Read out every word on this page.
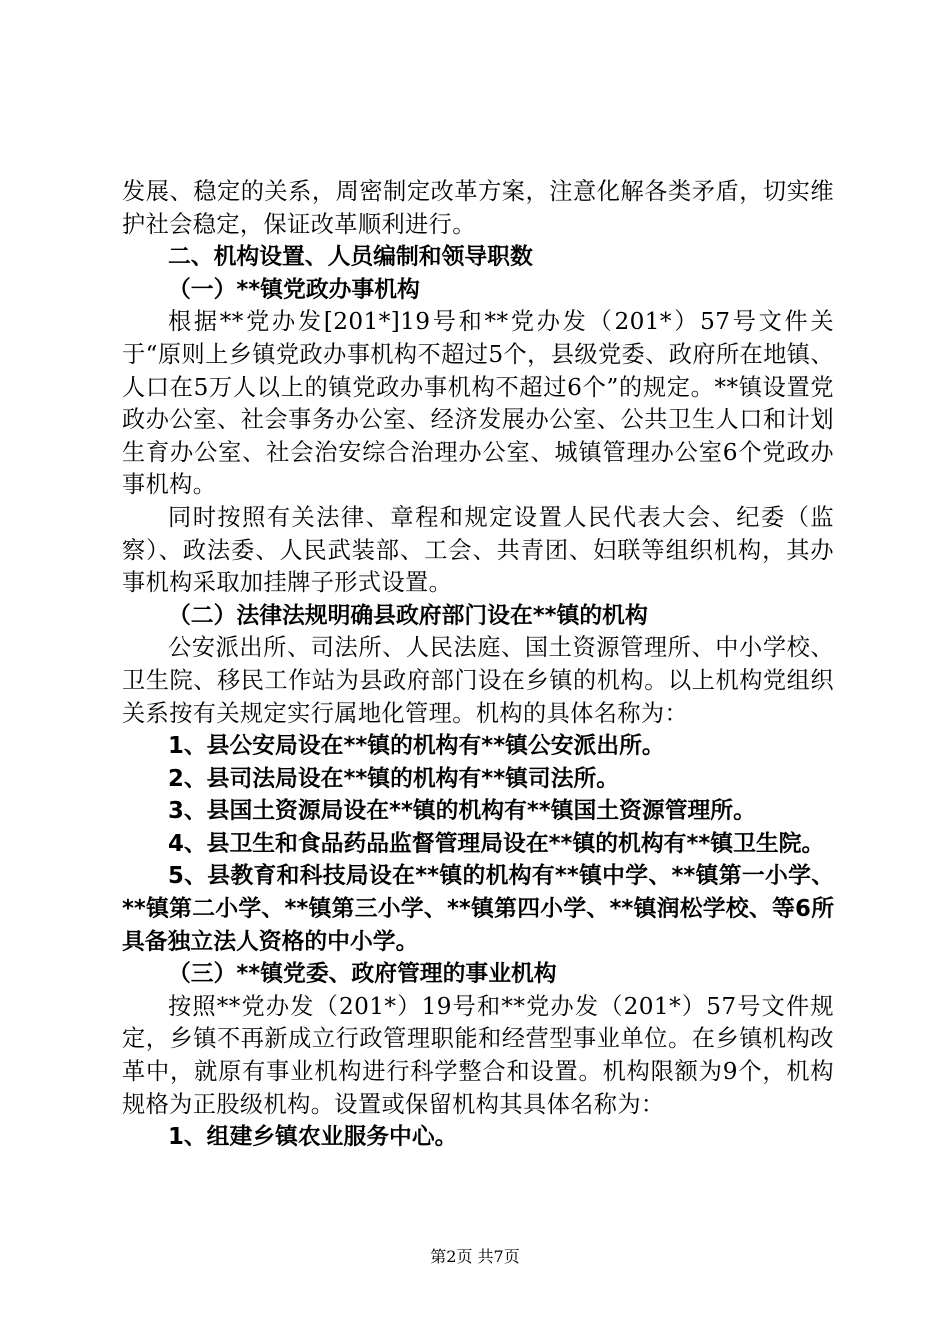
发展、稳定的关系，周密制定改革方案，注意化解各类矛盾，切实维护社会稳定，保证改革顺利进行。

二、机构设置、人员编制和领导职数

（一）**镇党政办事机构

根据**党办发[201*]19号和**党办发（201*）57号文件关于“原则上乡镇党政办事机构不超过5个，县级党委、政府所在地镇、人口在5万人以上的镇党政办事机构不超过6个”的规定。**镇设置党政办公室、社会事务办公室、经济发展办公室、公共卫生人口和计划生育办公室、社会治安综合治理办公室、城镇管理办公室6个党政办事机构。

同时按照有关法律、章程和规定设置人民代表大会、纪委（监察）、政法委、人民武装部、工会、共青团、妇联等组织机构，其办事机构采取加挂牌子形式设置。

（二）法律法规明确县政府部门设在**镇的机构

公安派出所、司法所、人民法庭、国土资源管理所、中小学校、卫生院、移民工作站为县政府部门设在乡镇的机构。以上机构党组织关系按有关规定实行属地化管理。机构的具体名称为：

1、县公安局设在**镇的机构有**镇公安派出所。

2、县司法局设在**镇的机构有**镇司法所。

3、县国土资源局设在**镇的机构有**镇国土资源管理所。

4、县卫生和食品药品监督管理局设在**镇的机构有**镇卫生院。

5、县教育和科技局设在**镇的机构有**镇中学、**镇第一小学、**镇第二小学、**镇第三小学、**镇第四小学、**镇润松学校、等6所具备独立法人资格的中小学。

（三）**镇党委、政府管理的事业机构

按照**党办发（201*）19号和**党办发（201*）57号文件规定，乡镇不再新成立行政管理职能和经营型事业单位。在乡镇机构改革中，就原有事业机构进行科学整合和设置。机构限额为9个，机构规格为正股级机构。设置或保留机构其具体名称为：

1、组建乡镇农业服务中心。

第2页 共7页
